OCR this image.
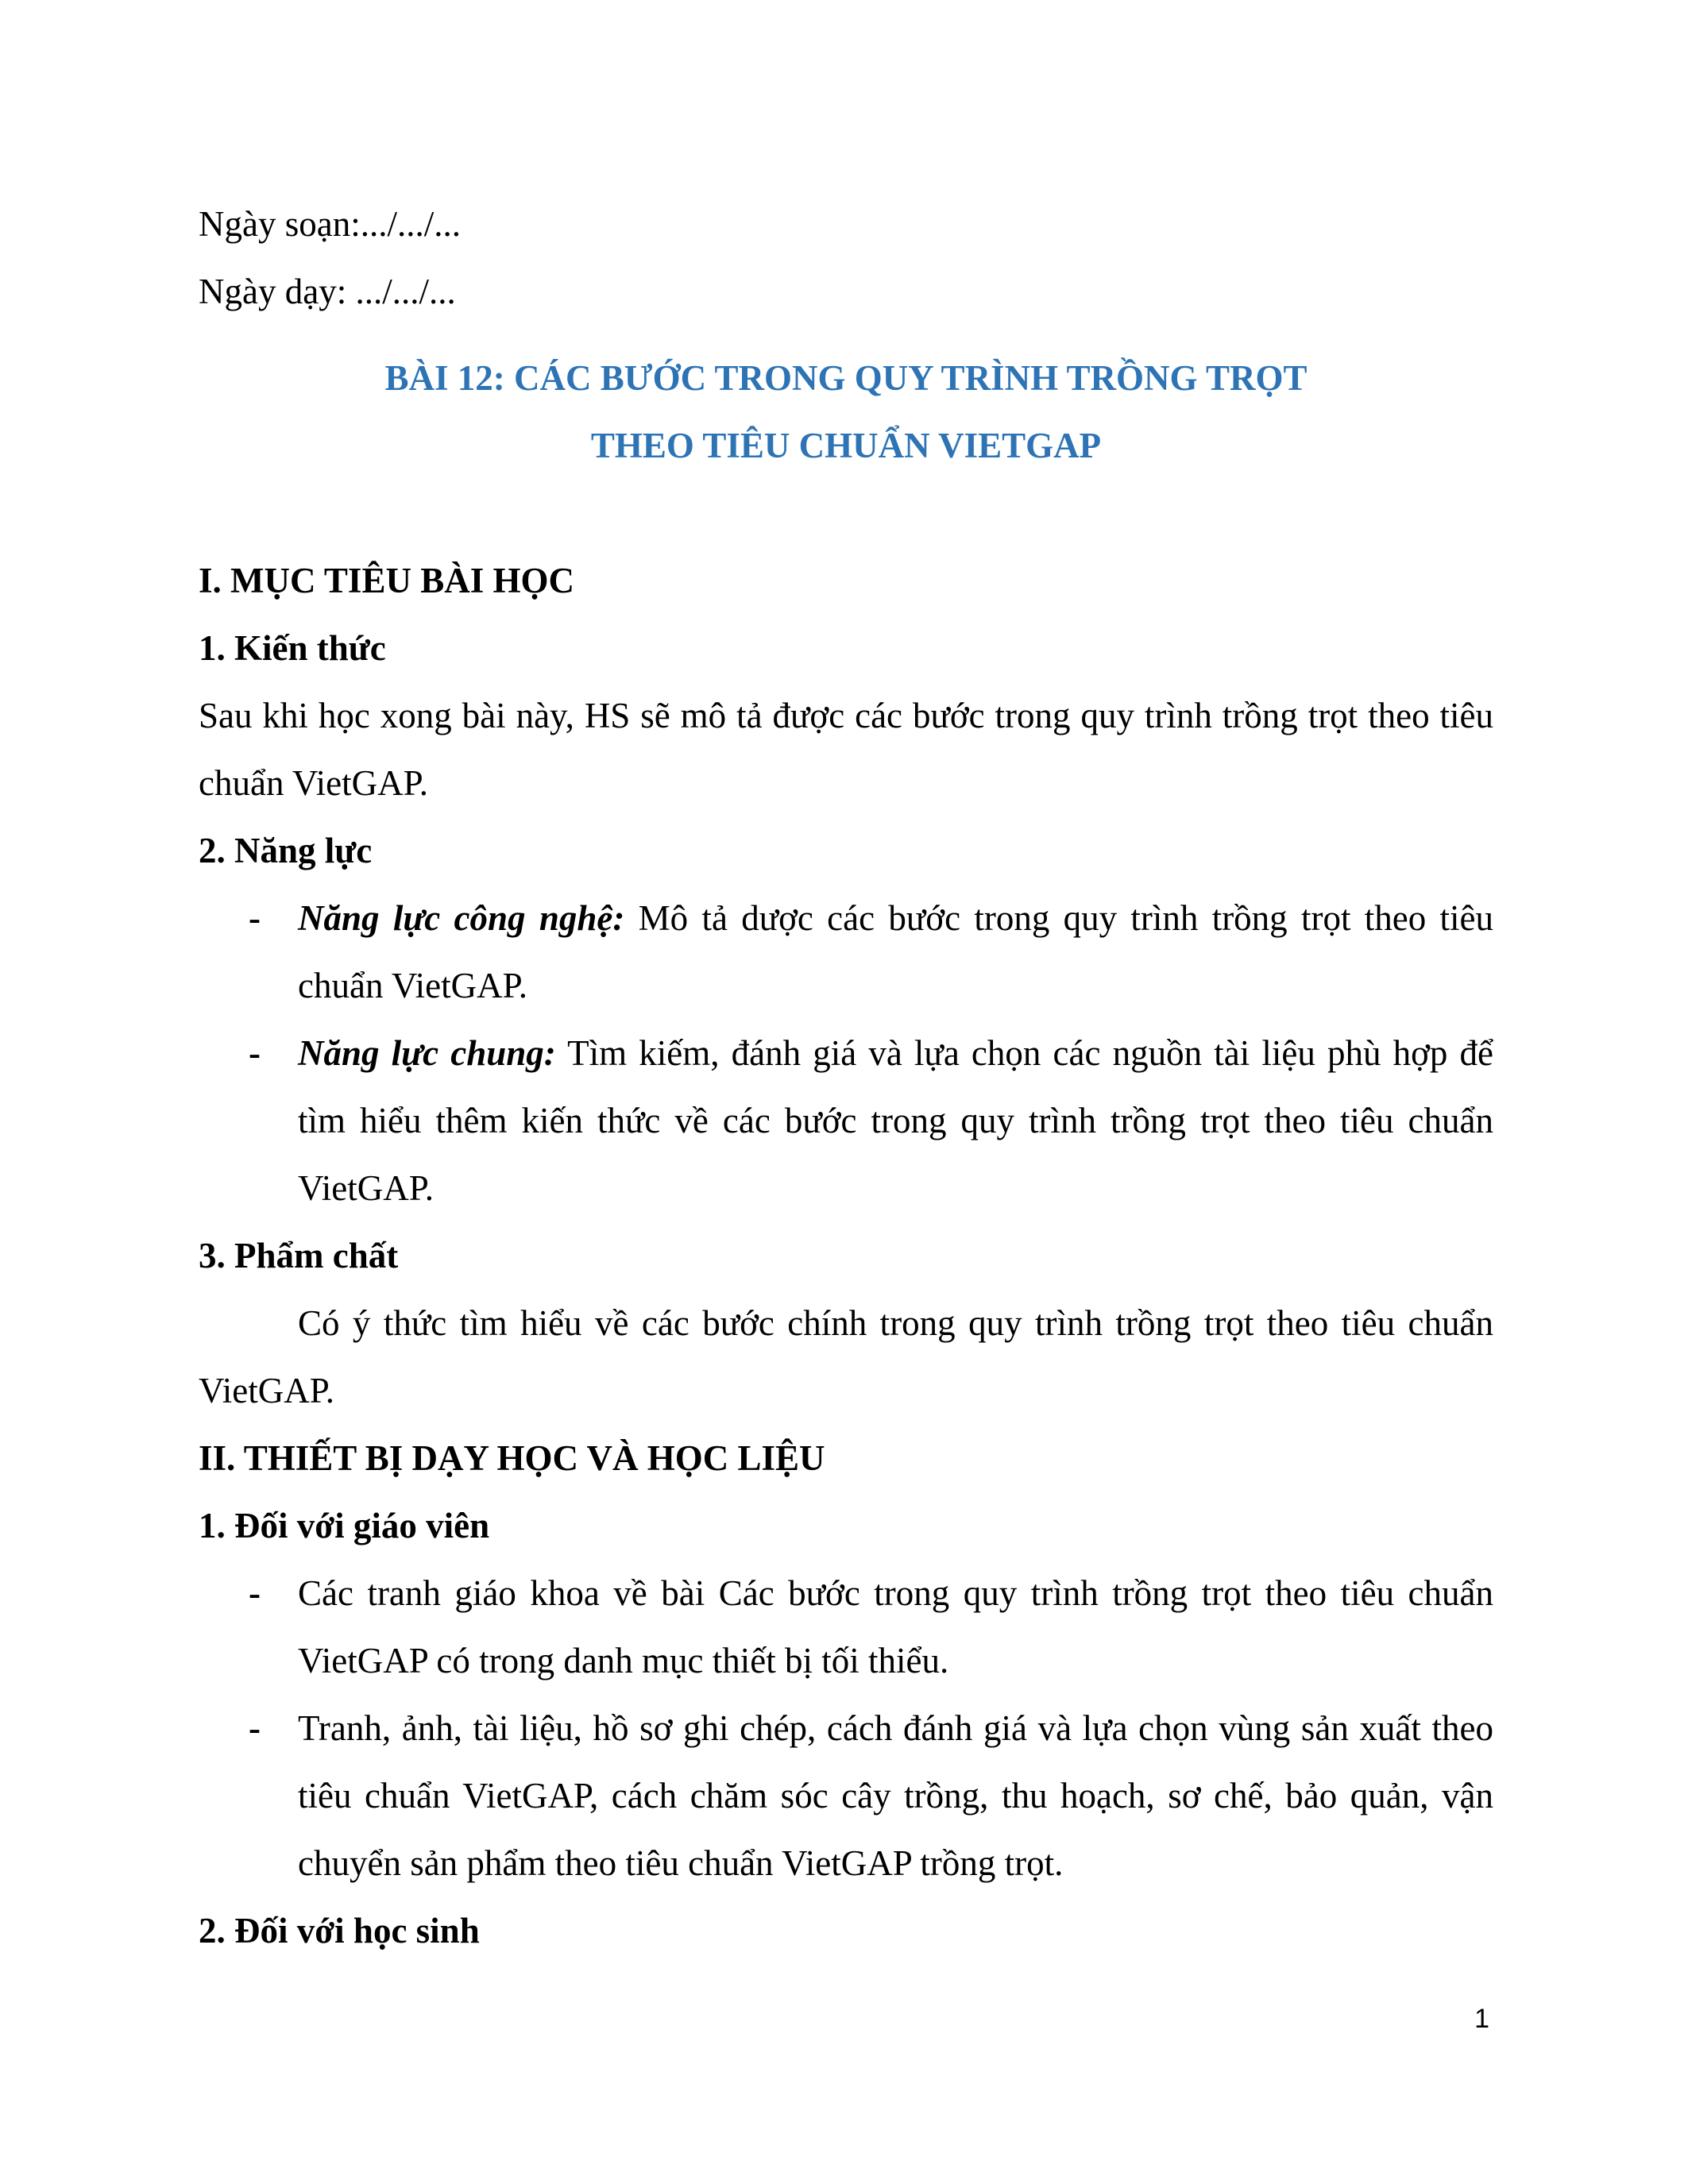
Ngày soạn:.../.../...

Ngày dạy: .../.../...

BÀI 12: CÁC BƯỚC TRONG QUY TRÌNH TRỒNG TRỌT
THEO TIÊU CHUẨN VIETGAP
I. MỤC TIÊU BÀI HỌC
1. Kiến thức

Sau khi học xong bài này, HS sẽ mô tả được các bước trong quy trình trồng trọt theo tiêu chuẩn VietGAP.

2. Năng lực
-	Năng lực công nghệ: Mô tả dược các bước trong quy trình trồng trọt theo tiêu chuẩn VietGAP.

-	Năng lực chung: Tìm kiếm, đánh giá và lựa chọn các nguồn tài liệu phù hợp để tìm hiểu thêm kiến thức về các bước trong quy trình trồng trọt theo tiêu chuẩn VietGAP.

3. Phẩm chất

Có ý thức tìm hiểu về các bước chính trong quy trình trồng trọt theo tiêu chuẩn VietGAP.

II. THIẾT BỊ DẠY HỌC VÀ HỌC LIỆU
1. Đối với giáo viên
-	Các tranh giáo khoa về bài Các bước trong quy trình trồng trọt theo tiêu chuẩn VietGAP có trong danh mục thiết bị tối thiểu.

-	Tranh, ảnh, tài liệu, hồ sơ ghi chép, cách đánh giá và lựa chọn vùng sản xuất theo tiêu chuẩn VietGAP, cách chăm sóc cây trồng, thu hoạch, sơ chế, bảo quản, vận chuyển sản phẩm theo tiêu chuẩn VietGAP trồng trọt.

2. Đối với học sinh
1
